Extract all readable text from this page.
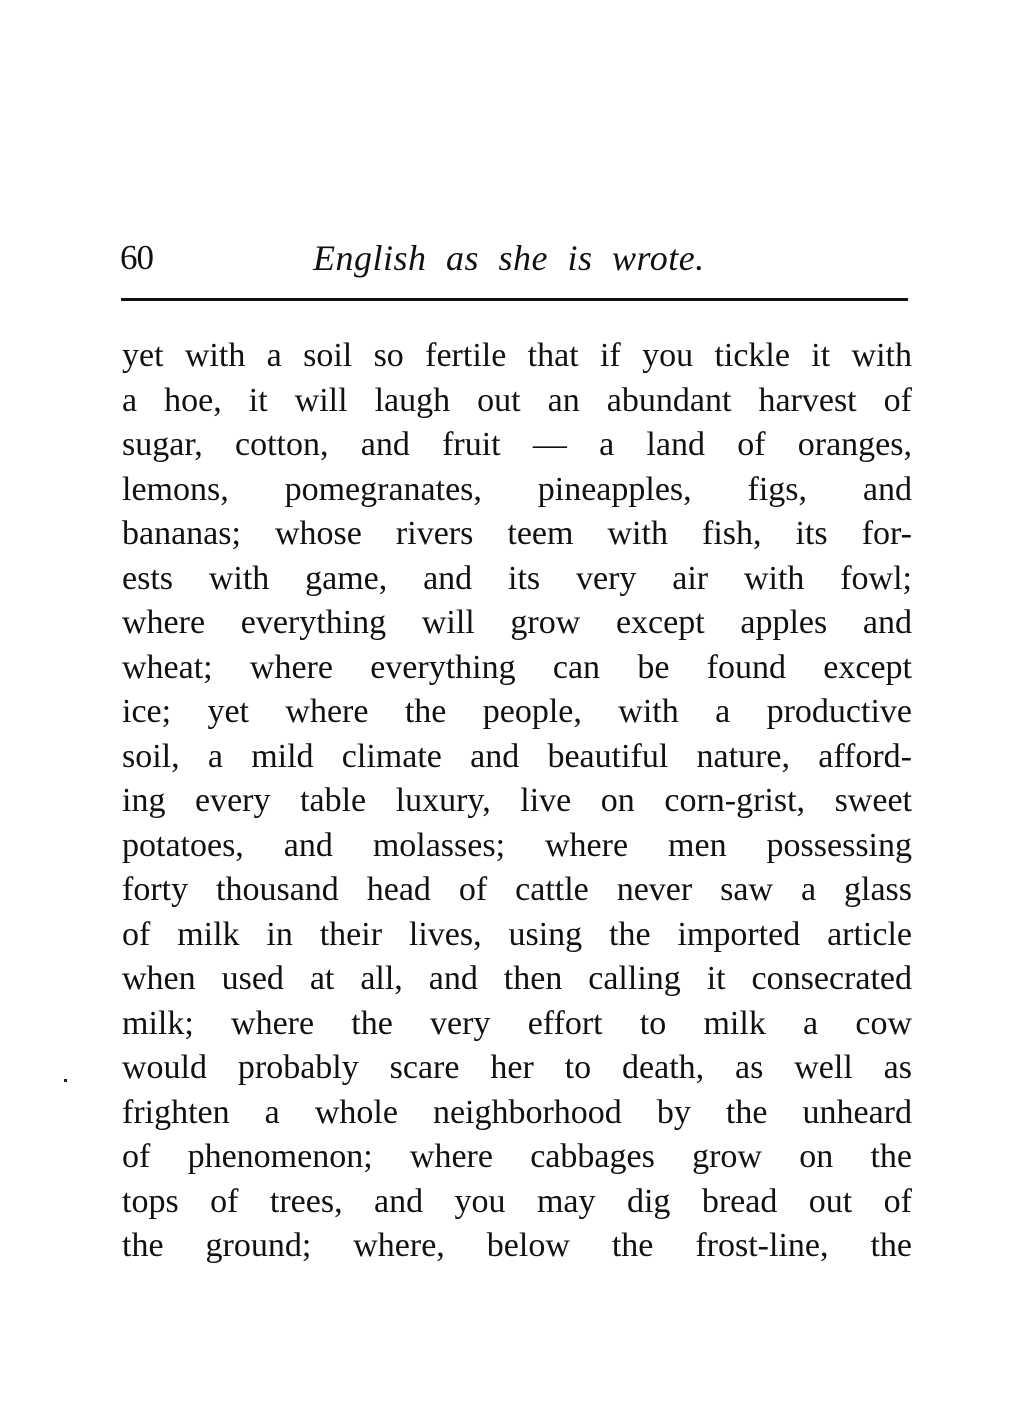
60	English as she is wrote.
yet with a soil so fertile that if you tickle it with
a hoe, it will laugh out an abundant harvest of
sugar, cotton, and fruit — a land of oranges,
lemons, pomegranates, pineapples, figs, and
bananas; whose rivers teem with fish, its for-
ests with game, and its very air with fowl;
where everything will grow except apples and
wheat; where everything can be found except
ice; yet where the people, with a productive
soil, a mild climate and beautiful nature, afford-
ing every table luxury, live on corn-grist, sweet
potatoes, and molasses; where men possessing
forty thousand head of cattle never saw a glass
of milk in their lives, using the imported article
when used at all, and then calling it consecrated
milk; where the very effort to milk a cow
would probably scare her to death, as well as
frighten a whole neighborhood by the unheard
of phenomenon; where cabbages grow on the
tops of trees, and you may dig bread out of
the ground; where, below the frost-line, the
